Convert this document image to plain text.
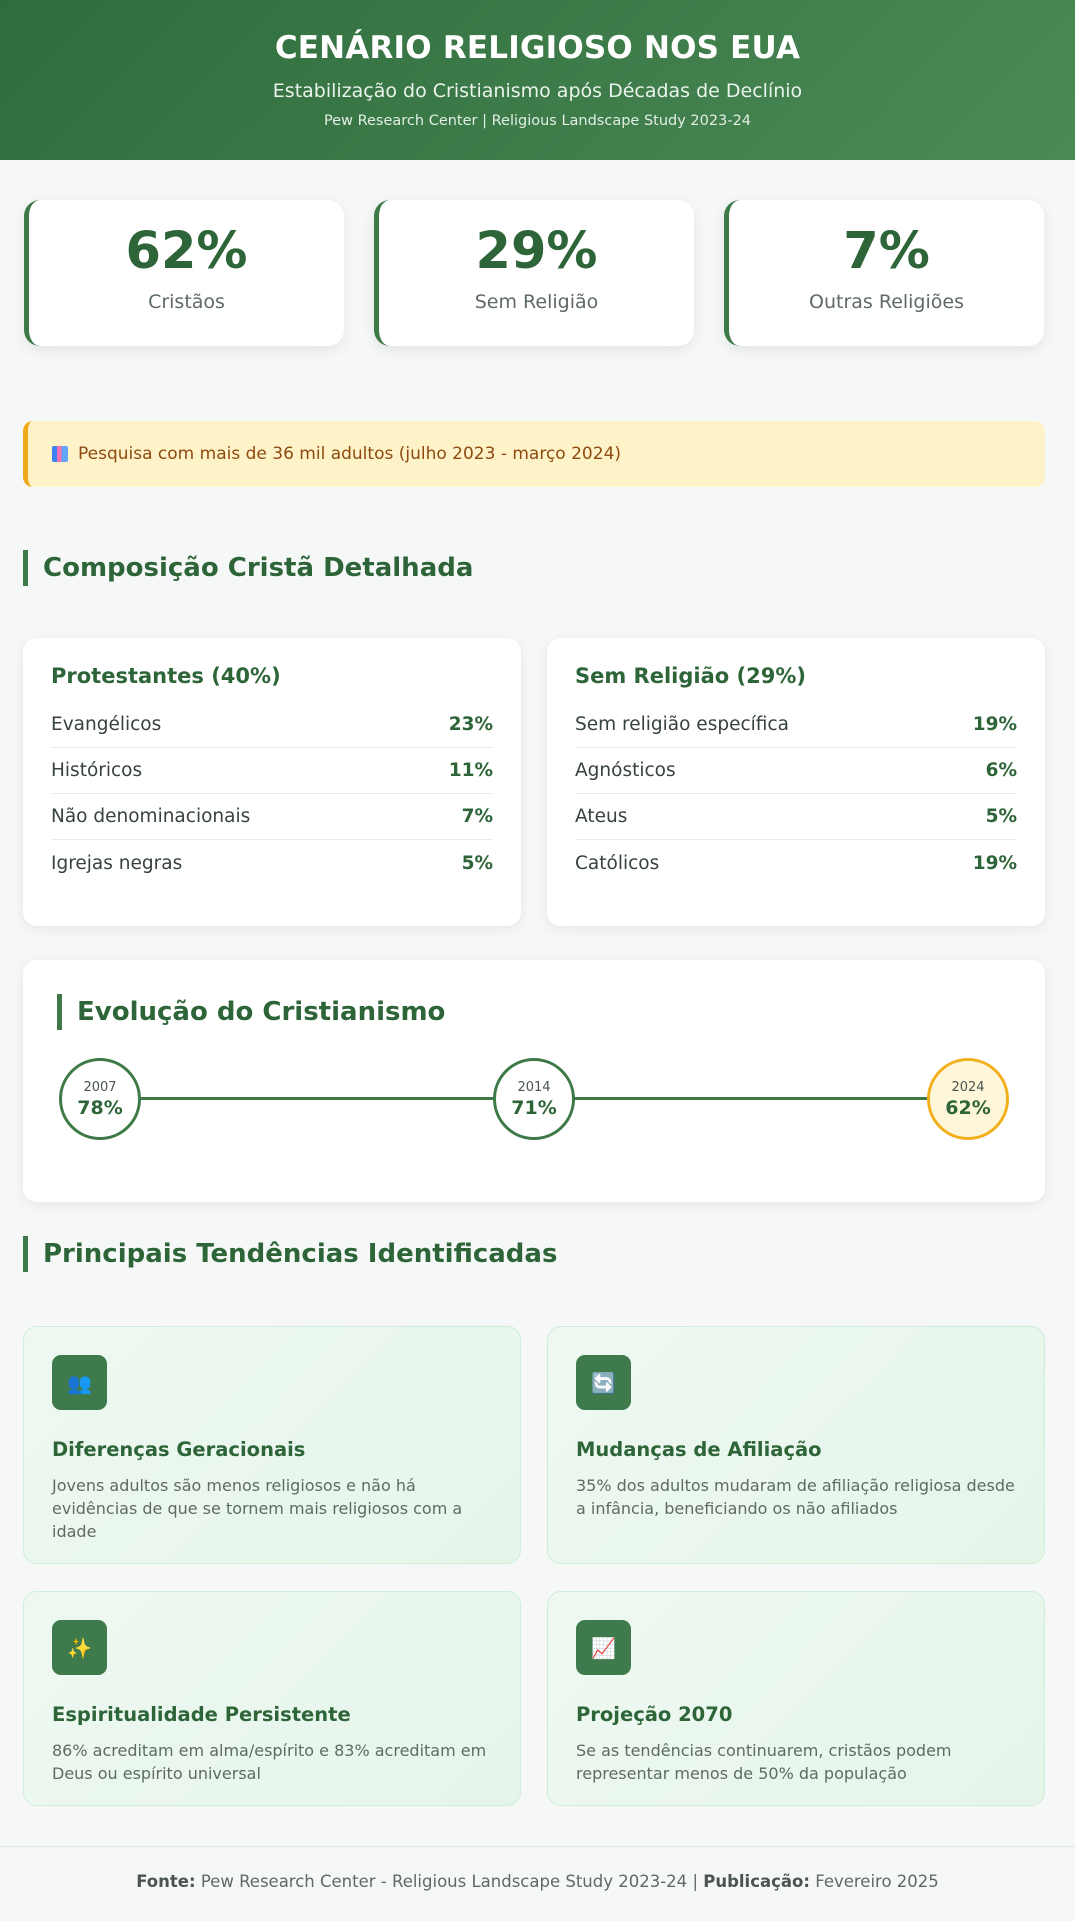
CENÁRIO RELIGIOSO NOS EUA
Estabilização do Cristianismo após Décadas de Declínio
Pew Research Center | Religious Landscape Study 2023-24
62%
Cristãos
29%
Sem Religião
7%
Outras Religiões
Pesquisa com mais de 36 mil adultos (julho 2023 - março 2024)
Composição Cristã Detalhada
Protestantes (40%)
Evangélicos	23%
Históricos	11%
Não denominacionais	7%
Igrejas negras	5%
Sem Religião (29%)
Sem religião específica	19%
Agnósticos	6%
Ateus	5%
Católicos	19%
Evolução do Cristianismo
2007
78%
2014
71%
2024
62%
Principais Tendências Identificadas
👥
Diferenças Geracionais
Jovens adultos são menos religiosos e não há evidências de que se tornem mais religiosos com a idade
🔄
Mudanças de Afiliação
35% dos adultos mudaram de afiliação religiosa desde a infância, beneficiando os não afiliados
✨
Espiritualidade Persistente
86% acreditam em alma/espírito e 83% acreditam em Deus ou espírito universal
📈
Projeção 2070
Se as tendências continuarem, cristãos podem representar menos de 50% da população
Fonte: Pew Research Center - Religious Landscape Study 2023-24 | Publicação: Fevereiro 2025
